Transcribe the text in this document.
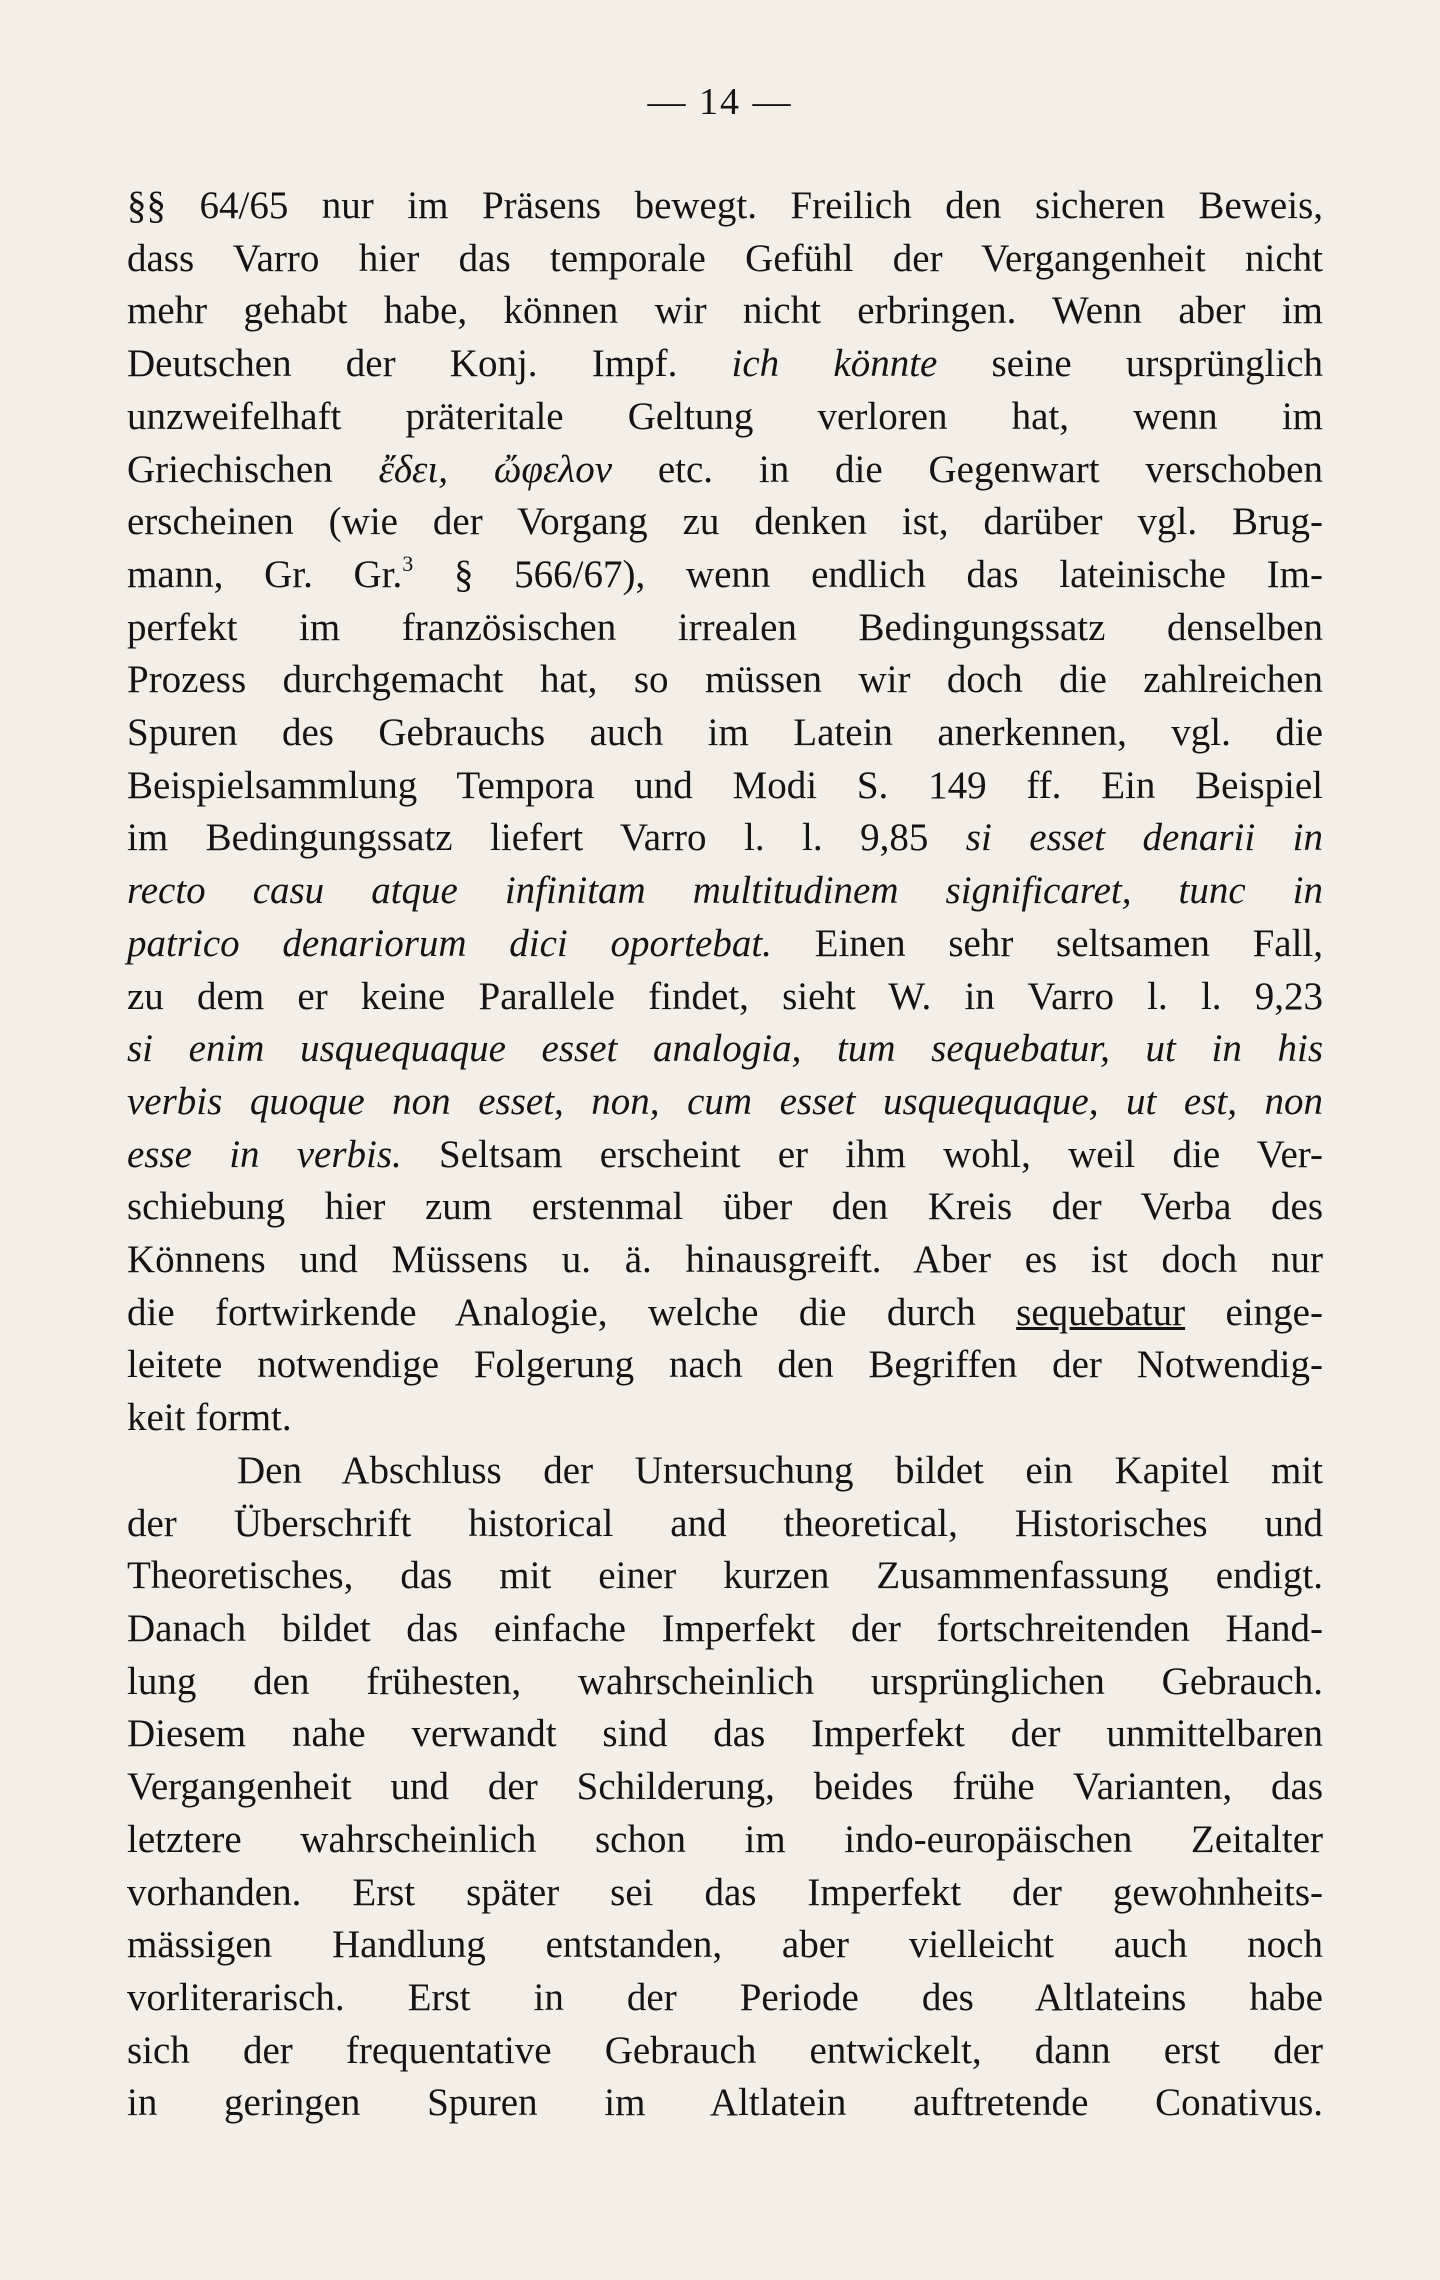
— 14 —
§§ 64/65 nur im Präsens bewegt. Freilich den sicheren Beweis,
dass Varro hier das temporale Gefühl der Vergangenheit nicht
mehr gehabt habe, können wir nicht erbringen. Wenn aber im
Deutschen der Konj. Impf. ich könnte seine ursprünglich
unzweifelhaft präteritale Geltung verloren hat, wenn im
Griechischen ἔδει, ὤφελον etc. in die Gegenwart verschoben
erscheinen (wie der Vorgang zu denken ist, darüber vgl. Brug-
mann, Gr. Gr.$^3$ § 566/67), wenn endlich das lateinische Im-
perfekt im französischen irrealen Bedingungssatz denselben
Prozess durchgemacht hat, so müssen wir doch die zahlreichen
Spuren des Gebrauchs auch im Latein anerkennen, vgl. die
Beispielsammlung Tempora und Modi S. 149 ff. Ein Beispiel
im Bedingungssatz liefert Varro l. l. 9,85 si esset denarii in
recto casu atque infinitam multitudinem significaret, tunc in
patrico denariorum dici oportebat. Einen sehr seltsamen Fall,
zu dem er keine Parallele findet, sieht W. in Varro l. l. 9,23
si enim usquequaque esset analogia, tum sequebatur, ut in his
verbis quoque non esset, non, cum esset usquequaque, ut est, non
esse in verbis. Seltsam erscheint er ihm wohl, weil die Ver-
schiebung hier zum erstenmal über den Kreis der Verba des
Könnens und Müssens u. ä. hinausgreift. Aber es ist doch nur
die fortwirkende Analogie, welche die durch sequebatur einge-
leitete notwendige Folgerung nach den Begriffen der Notwendig-
keit formt.
Den Abschluss der Untersuchung bildet ein Kapitel mit
der Überschrift historical and theoretical, Historisches und
Theoretisches, das mit einer kurzen Zusammenfassung endigt.
Danach bildet das einfache Imperfekt der fortschreitenden Hand-
lung den frühesten, wahrscheinlich ursprünglichen Gebrauch.
Diesem nahe verwandt sind das Imperfekt der unmittelbaren
Vergangenheit und der Schilderung, beides frühe Varianten, das
letztere wahrscheinlich schon im indo-europäischen Zeitalter
vorhanden. Erst später sei das Imperfekt der gewohnheits-
mässigen Handlung entstanden, aber vielleicht auch noch
vorliterarisch. Erst in der Periode des Altlateins habe
sich der frequentative Gebrauch entwickelt, dann erst der
in geringen Spuren im Altlatein auftretende Conativus.
